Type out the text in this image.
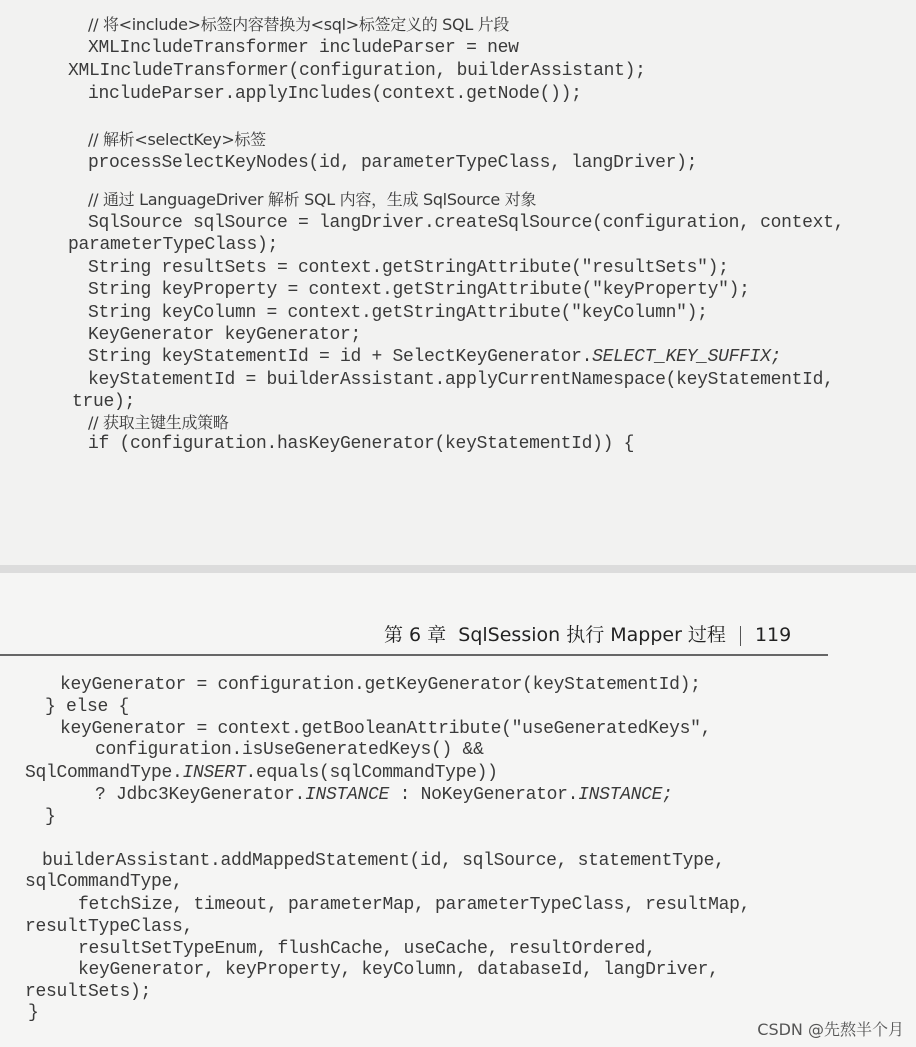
// 将<include>标签内容替换为<sql>标签定义的 SQL 片段
XMLIncludeTransformer includeParser = new
XMLIncludeTransformer(configuration, builderAssistant);
includeParser.applyIncludes(context.getNode());
// 解析<selectKey>标签
processSelectKeyNodes(id, parameterTypeClass, langDriver);
// 通过 LanguageDriver 解析 SQL 内容，生成 SqlSource 对象
SqlSource sqlSource = langDriver.createSqlSource(configuration, context,
parameterTypeClass);
String resultSets = context.getStringAttribute("resultSets");
String keyProperty = context.getStringAttribute("keyProperty");
String keyColumn = context.getStringAttribute("keyColumn");
KeyGenerator keyGenerator;
String keyStatementId = id + SelectKeyGenerator.SELECT_KEY_SUFFIX;
keyStatementId = builderAssistant.applyCurrentNamespace(keyStatementId,
true);
// 获取主键生成策略
if (configuration.hasKeyGenerator(keyStatementId)) {
第 6 章 SqlSession 执行 Mapper 过程 119
keyGenerator = configuration.getKeyGenerator(keyStatementId);
} else {
keyGenerator = context.getBooleanAttribute("useGeneratedKeys",
configuration.isUseGeneratedKeys() &&
SqlCommandType.INSERT.equals(sqlCommandType))
? Jdbc3KeyGenerator.INSTANCE : NoKeyGenerator.INSTANCE;
}
builderAssistant.addMappedStatement(id, sqlSource, statementType,
sqlCommandType,
fetchSize, timeout, parameterMap, parameterTypeClass, resultMap,
resultTypeClass,
resultSetTypeEnum, flushCache, useCache, resultOrdered,
keyGenerator, keyProperty, keyColumn, databaseId, langDriver,
resultSets);
}
CSDN @先熬半个月
